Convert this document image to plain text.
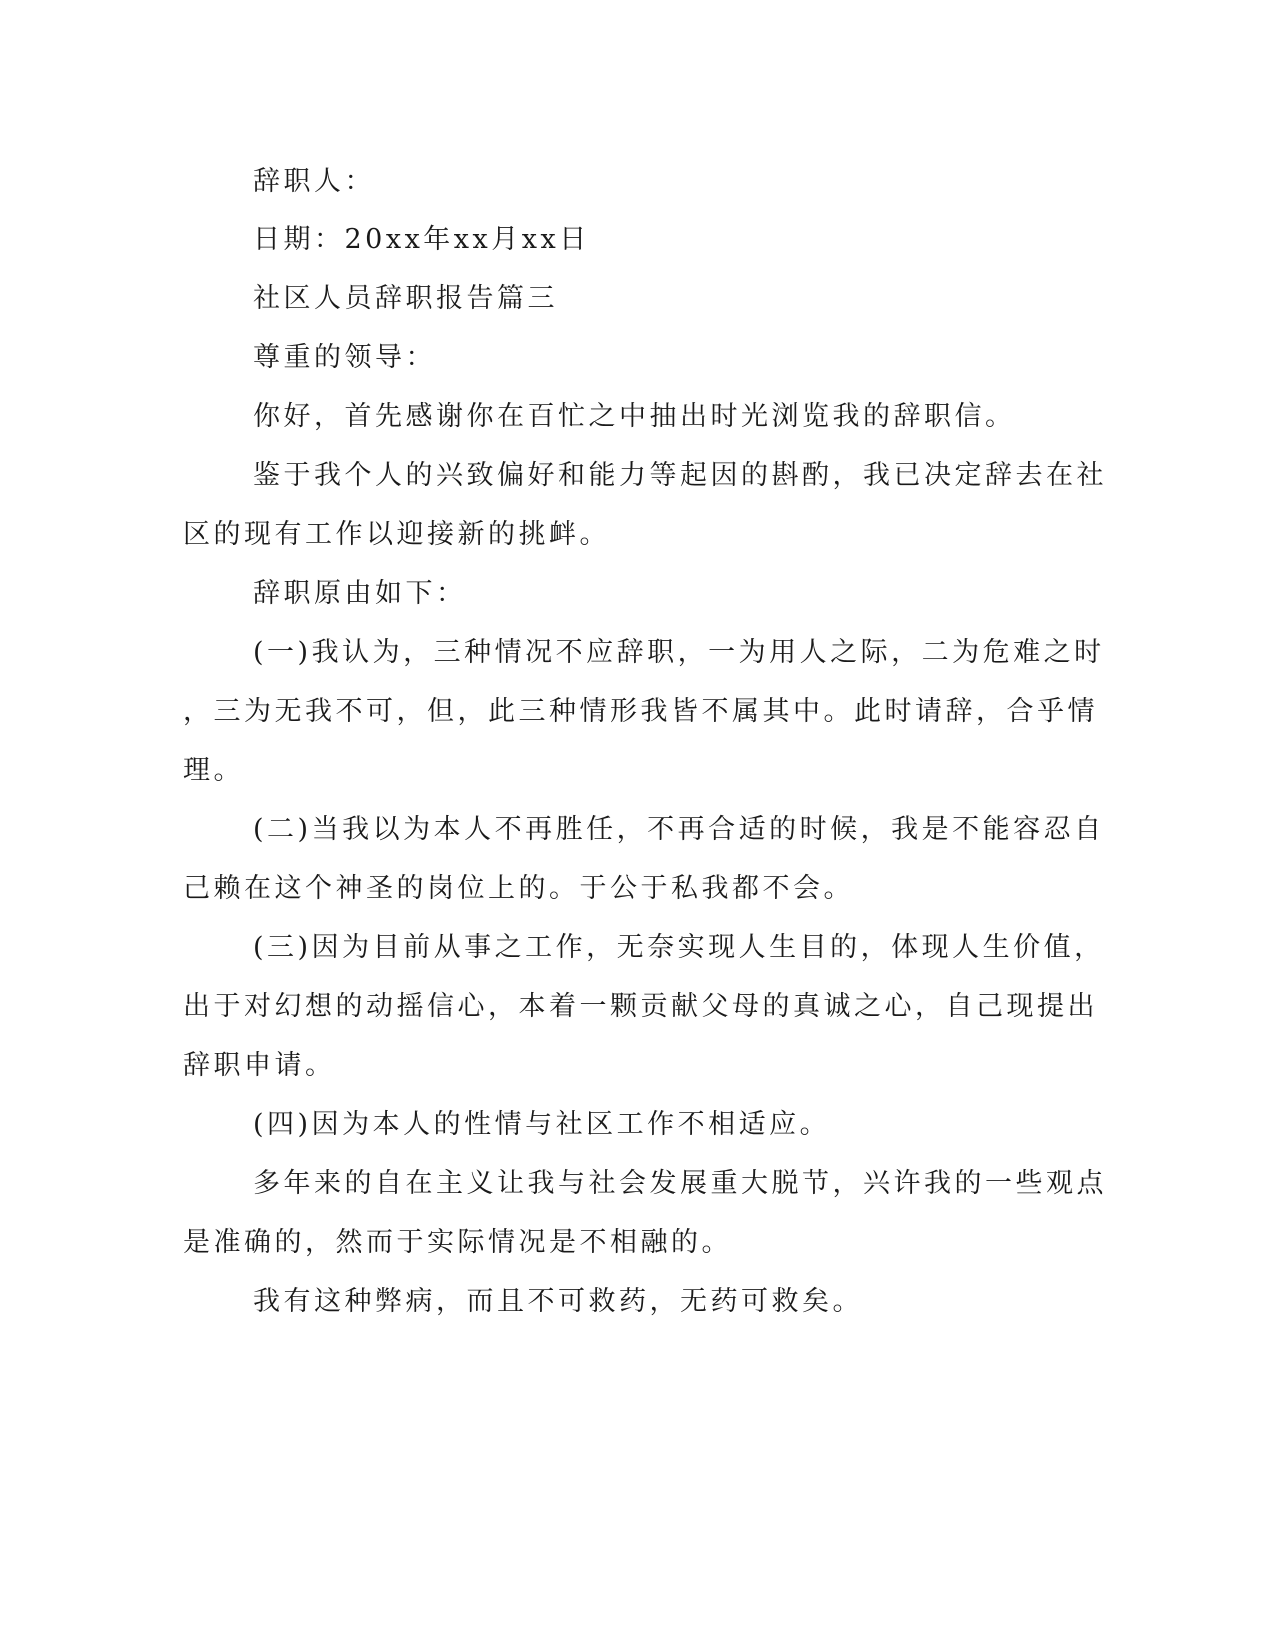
辞职人：

日期：20xx年xx月xx日

社区人员辞职报告篇三

尊重的领导：

你好，首先感谢你在百忙之中抽出时光浏览我的辞职信。

鉴于我个人的兴致偏好和能力等起因的斟酌，我已决定辞去在社

区的现有工作以迎接新的挑衅。

辞职原由如下：

(一)我认为，三种情况不应辞职，一为用人之际，二为危难之时

，三为无我不可，但，此三种情形我皆不属其中。此时请辞，合乎情

理。

(二)当我以为本人不再胜任，不再合适的时候，我是不能容忍自

己赖在这个神圣的岗位上的。于公于私我都不会。

(三)因为目前从事之工作，无奈实现人生目的，体现人生价值，

出于对幻想的动摇信心，本着一颗贡献父母的真诚之心，自己现提出

辞职申请。

(四)因为本人的性情与社区工作不相适应。

多年来的自在主义让我与社会发展重大脱节，兴许我的一些观点

是准确的，然而于实际情况是不相融的。

我有这种弊病，而且不可救药，无药可救矣。
